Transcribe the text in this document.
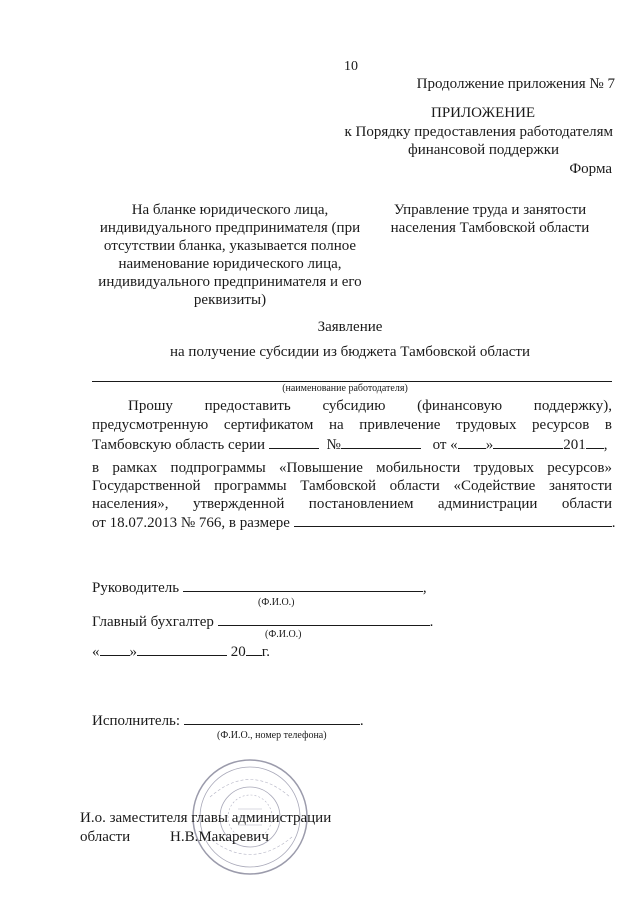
10
Продолжение приложения № 7
ПРИЛОЖЕНИЕ
к Порядку предоставления работодателям
финансовой поддержки
Форма
На бланке юридического лица,
индивидуального предпринимателя (при
отсутствии бланка, указывается полное
наименование юридического лица,
индивидуального предпринимателя и его
реквизиты)
Управление труда и занятости
населения Тамбовской области
Заявление
на получение субсидии из бюджета Тамбовской области
(наименование работодателя)
Прошу предоставить субсидию (финансовую поддержку),
предусмотренную сертификатом на привлечение трудовых ресурсов в
Тамбовскую область серии	№	от « »	201 ,
в рамках подпрограммы «Повышение мобильности трудовых ресурсов»
Государственной программы Тамбовской области «Содействие занятости
населения», утвержденной постановлением администрации области
от 18.07.2013 № 766, в размере	.
Руководитель	,
(Ф.И.О.)
Главный бухгалтер	.
(Ф.И.О.)
« »	20 г.
Исполнитель:	.
(Ф.И.О., номер телефона)
И.о. заместителя главы администрации
области	Н.В.Макаревич
